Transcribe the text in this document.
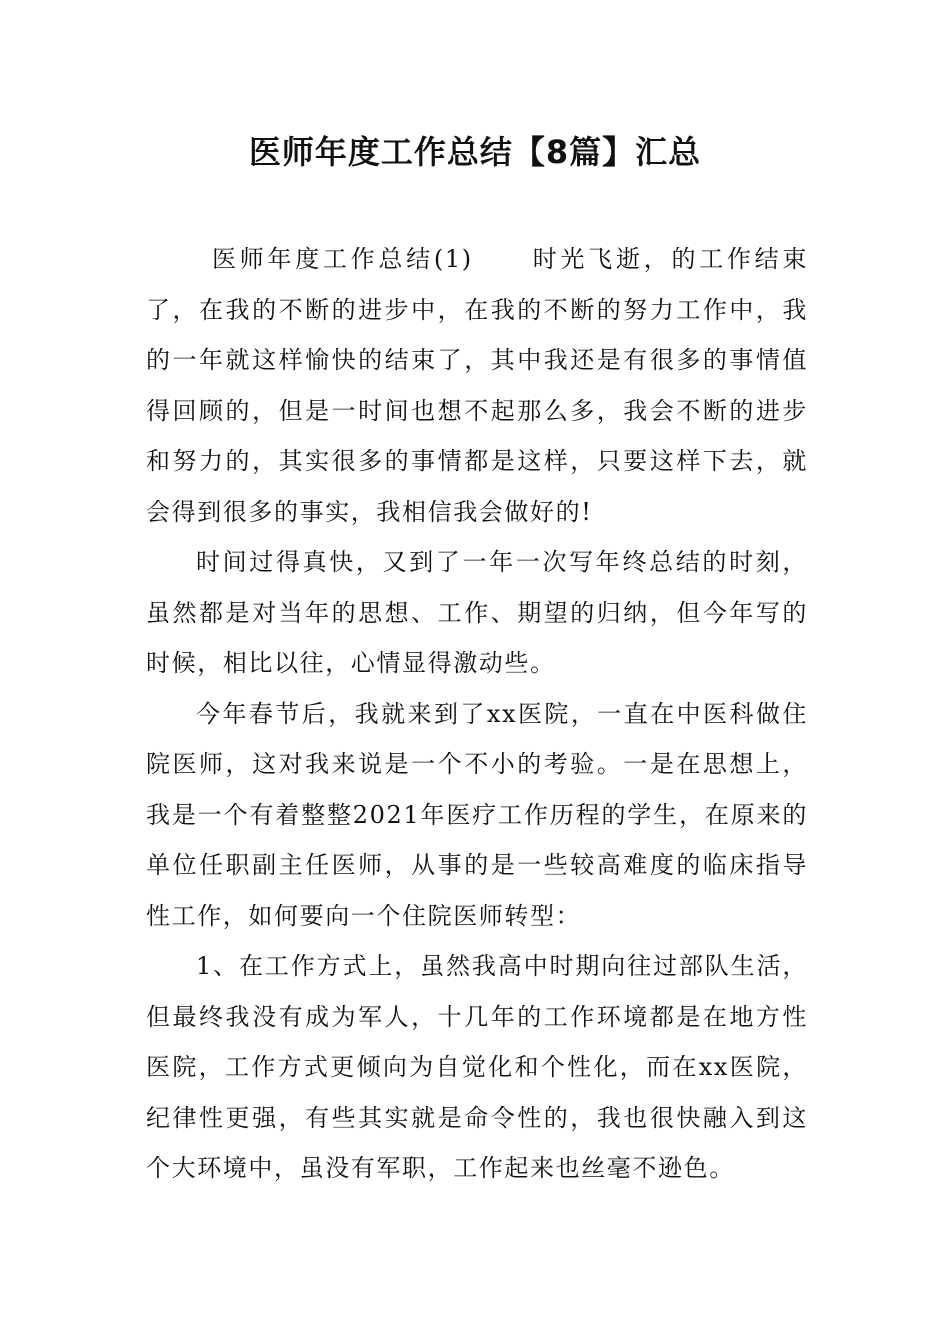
医师年度工作总结【8篇】汇总

医师年度工作总结(1) 时光飞逝，的工作结束了，在我的不断的进步中，在我的不断的努力工作中，我的一年就这样愉快的结束了，其中我还是有很多的事情值得回顾的，但是一时间也想不起那么多，我会不断的进步和努力的，其实很多的事情都是这样，只要这样下去，就会得到很多的事实，我相信我会做好的!

时间过得真快，又到了一年一次写年终总结的时刻，虽然都是对当年的思想、工作、期望的归纳，但今年写的时候，相比以往，心情显得激动些。

今年春节后，我就来到了xx医院，一直在中医科做住院医师，这对我来说是一个不小的考验。一是在思想上，我是一个有着整整2021年医疗工作历程的学生，在原来的单位任职副主任医师，从事的是一些较高难度的临床指导性工作，如何要向一个住院医师转型：

1、在工作方式上，虽然我高中时期向往过部队生活，但最终我没有成为军人，十几年的工作环境都是在地方性医院，工作方式更倾向为自觉化和个性化，而在xx医院，纪律性更强，有些其实就是命令性的，我也很快融入到这个大环境中，虽没有军职，工作起来也丝毫不逊色。
